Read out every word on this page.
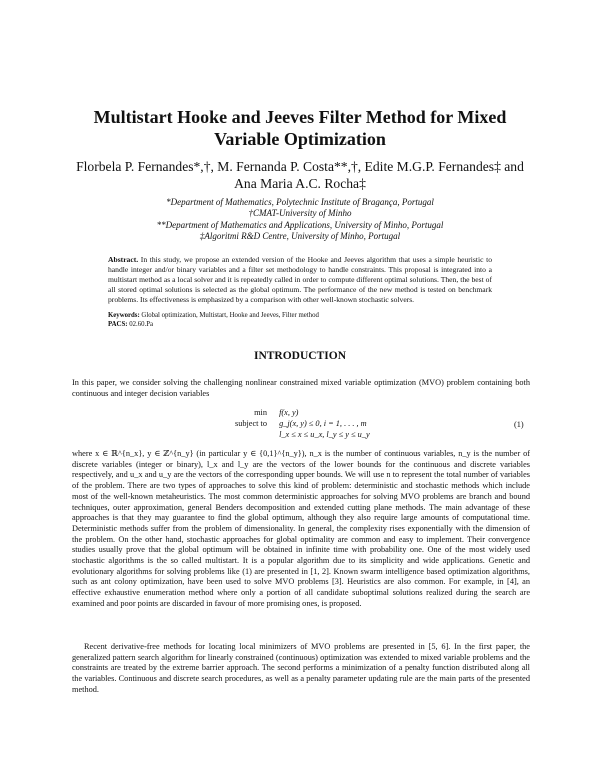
Multistart Hooke and Jeeves Filter Method for Mixed Variable Optimization
Florbela P. Fernandes*,†, M. Fernanda P. Costa**,†, Edite M.G.P. Fernandes‡ and
Ana Maria A.C. Rocha‡
*Department of Mathematics, Polytechnic Institute of Bragança, Portugal
†CMAT-University of Minho
**Department of Mathematics and Applications, University of Minho, Portugal
‡Algoritmi R&D Centre, University of Minho, Portugal
Abstract. In this study, we propose an extended version of the Hooke and Jeeves algorithm that uses a simple heuristic to handle integer and/or binary variables and a filter set methodology to handle constraints. This proposal is integrated into a multistart method as a local solver and it is repeatedly called in order to compute different optimal solutions. Then, the best of all stored optimal solutions is selected as the global optimum. The performance of the new method is tested on benchmark problems. Its effectiveness is emphasized by a comparison with other well-known stochastic solvers.
Keywords: Global optimization, Multistart, Hooke and Jeeves, Filter method
PACS: 02.60.Pa
INTRODUCTION
In this paper, we consider solving the challenging nonlinear constrained mixed variable optimization (MVO) problem containing both continuous and integer decision variables
min f(x, y)
subject to g_j(x, y) ≤ 0, i = 1, . . . , m
l_x ≤ x ≤ u_x, l_y ≤ y ≤ u_y
(1)
where x ∈ ℝ^{n_x}, y ∈ ℤ^{n_y} (in particular y ∈ {0,1}^{n_y}), n_x is the number of continuous variables, n_y is the number of discrete variables (integer or binary), l_x and l_y are the vectors of the lower bounds for the continuous and discrete variables respectively, and u_x and u_y are the vectors of the corresponding upper bounds. We will use n to represent the total number of variables of the problem. There are two types of approaches to solve this kind of problem: deterministic and stochastic methods which include most of the well-known metaheuristics. The most common deterministic approaches for solving MVO problems are branch and bound techniques, outer approximation, general Benders decomposition and extended cutting plane methods. The main advantage of these approaches is that they may guarantee to find the global optimum, although they also require large amounts of computational time. Deterministic methods suffer from the problem of dimensionality. In general, the complexity rises exponentially with the dimension of the problem. On the other hand, stochastic approaches for global optimality are common and easy to implement. Their convergence studies usually prove that the global optimum will be obtained in infinite time with probability one. One of the most widely used stochastic algorithms is the so called multistart. It is a popular algorithm due to its simplicity and wide applications. Genetic and evolutionary algorithms for solving problems like (1) are presented in [1, 2]. Known swarm intelligence based optimization algorithms, such as ant colony optimization, have been used to solve MVO problems [3]. Heuristics are also common. For example, in [4], an effective exhaustive enumeration method where only a portion of all candidate suboptimal solutions realized during the search are examined and poor points are discarded in favour of more promising ones, is proposed.
Recent derivative-free methods for locating local minimizers of MVO problems are presented in [5, 6]. In the first paper, the generalized pattern search algorithm for linearly constrained (continuous) optimization was extended to mixed variable problems and the constraints are treated by the extreme barrier approach. The second performs a minimization of a penalty function distributed along all the variables. Continuous and discrete search procedures, as well as a penalty parameter updating rule are the main parts of the presented method.
